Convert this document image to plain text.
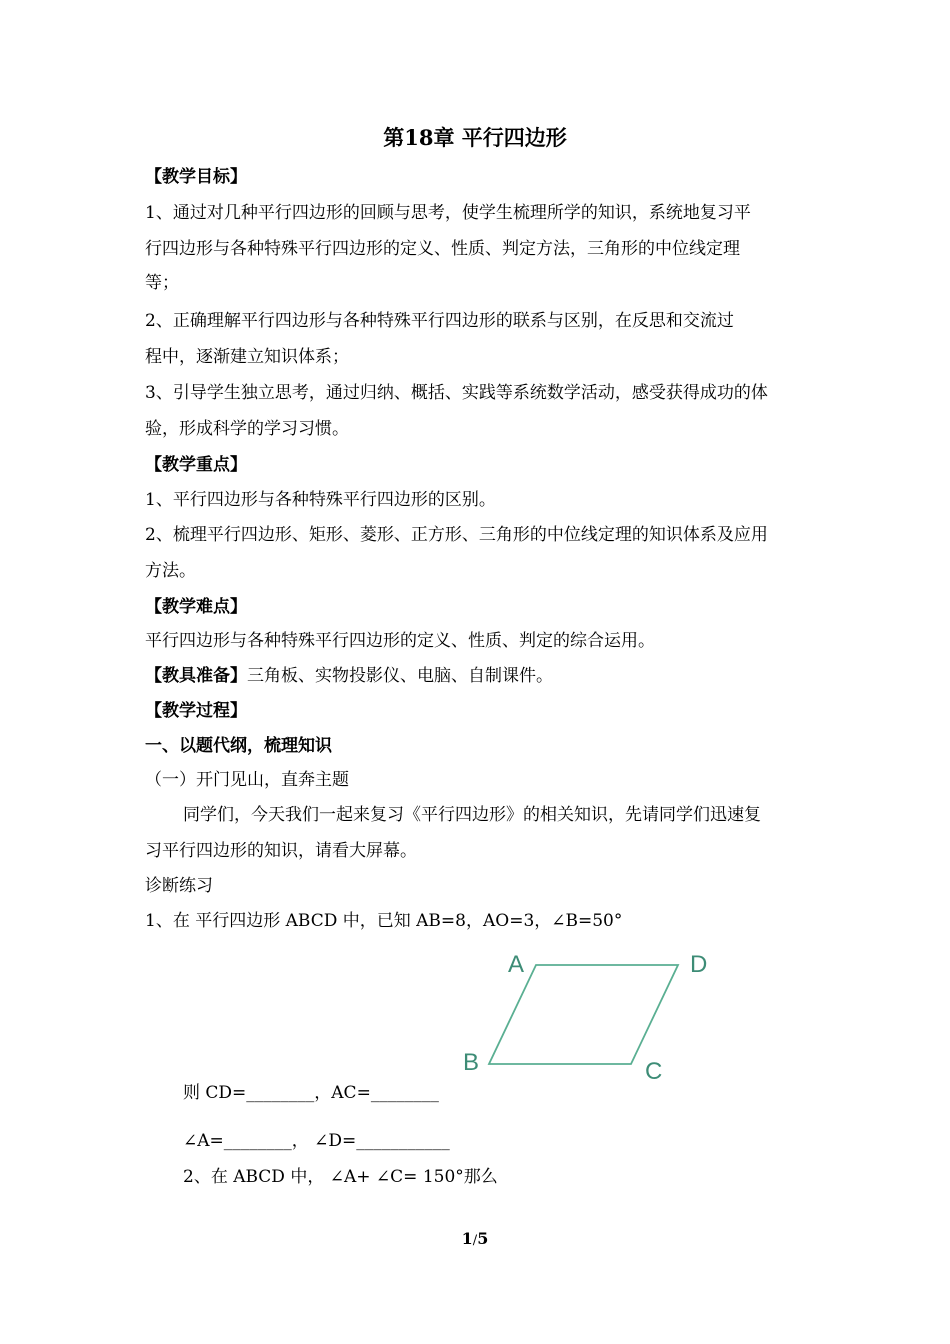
第18章 平行四边形
【教学目标】
1、通过对几种平行四边形的回顾与思考，使学生梳理所学的知识，系统地复习平
行四边形与各种特殊平行四边形的定义、性质、判定方法，三角形的中位线定理
等；
2、正确理解平行四边形与各种特殊平行四边形的联系与区别，在反思和交流过
程中，逐渐建立知识体系；
3、引导学生独立思考，通过归纳、概括、实践等系统数学活动，感受获得成功的体
验，形成科学的学习习惯。
【教学重点】
1、平行四边形与各种特殊平行四边形的区别。
2、梳理平行四边形、矩形、菱形、正方形、三角形的中位线定理的知识体系及应用
方法。
【教学难点】
平行四边形与各种特殊平行四边形的定义、性质、判定的综合运用。
【教具准备】三角板、实物投影仪、电脑、自制课件。
【教学过程】
一、以题代纲，梳理知识
（一）开门见山，直奔主题
同学们，今天我们一起来复习《平行四边形》的相关知识，先请同学们迅速复
习平行四边形的知识，请看大屏幕。
诊断练习
1、在 平行四边形 ABCD 中，已知 AB=8，AO=3，∠B=50°
A	D
B	C
则 CD=________，AC=________
∠A=________， ∠D=___________
2、在 ABCD 中， ∠A+ ∠C= 150°那么
1/5
